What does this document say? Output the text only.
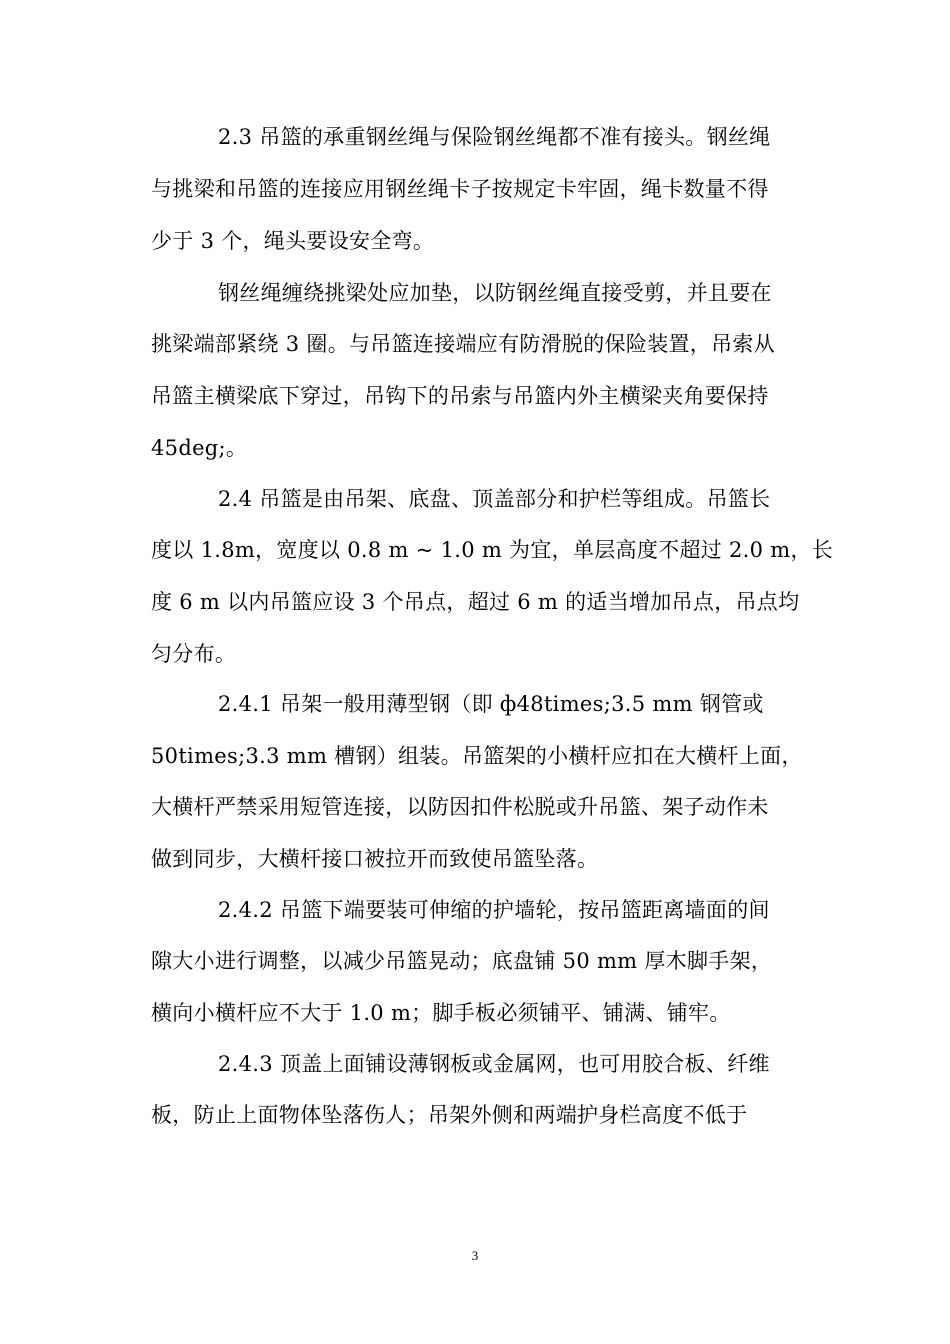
2.3 吊篮的承重钢丝绳与保险钢丝绳都不准有接头。钢丝绳
与挑梁和吊篮的连接应用钢丝绳卡子按规定卡牢固，绳卡数量不得
少于 3 个，绳头要设安全弯。
钢丝绳缠绕挑梁处应加垫，以防钢丝绳直接受剪，并且要在
挑梁端部紧绕 3 圈。与吊篮连接端应有防滑脱的保险装置，吊索从
吊篮主横梁底下穿过，吊钩下的吊索与吊篮内外主横梁夹角要保持
45deg;。
2.4 吊篮是由吊架、底盘、顶盖部分和护栏等组成。吊篮长
度以 1.8m，宽度以 0.8 m ~ 1.0 m 为宜，单层高度不超过 2.0 m，长
度 6 m 以内吊篮应设 3 个吊点，超过 6 m 的适当增加吊点，吊点均
匀分布。
2.4.1 吊架一般用薄型钢（即 ф48times;3.5 mm 钢管或
50times;3.3 mm 槽钢）组装。吊篮架的小横杆应扣在大横杆上面，
大横杆严禁采用短管连接，以防因扣件松脱或升吊篮、架子动作未
做到同步，大横杆接口被拉开而致使吊篮坠落。
2.4.2 吊篮下端要装可伸缩的护墙轮，按吊篮距离墙面的间
隙大小进行调整，以减少吊篮晃动；底盘铺 50 mm 厚木脚手架，
横向小横杆应不大于 1.0 m；脚手板必须铺平、铺满、铺牢。
2.4.3 顶盖上面铺设薄钢板或金属网，也可用胶合板、纤维
板，防止上面物体坠落伤人；吊架外侧和两端护身栏高度不低于
3
